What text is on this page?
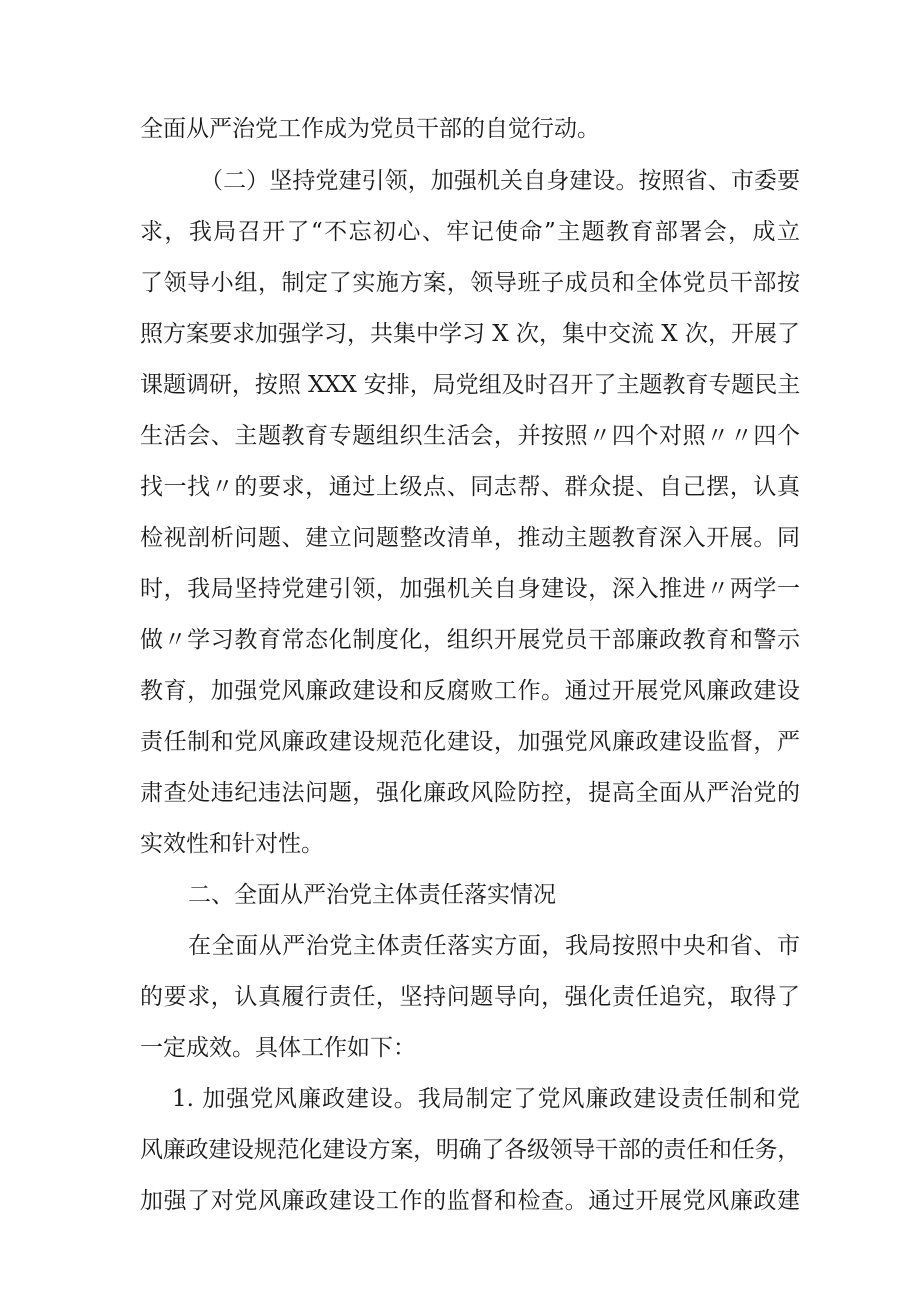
全面从严治党工作成为党员干部的自觉行动。
（二）坚持党建引领，加强机关自身建设。按照省、市委要
求，我局召开了“不忘初心、牢记使命”主题教育部署会，成立
了领导小组，制定了实施方案，领导班子成员和全体党员干部按
照方案要求加强学习，共集中学习 X 次，集中交流 X 次，开展了
课题调研，按照 XXX 安排，局党组及时召开了主题教育专题民主
生活会、主题教育专题组织生活会，并按照〃四个对照〃〃四个
找一找〃的要求，通过上级点、同志帮、群众提、自己摆，认真
检视剖析问题、建立问题整改清单，推动主题教育深入开展。同
时，我局坚持党建引领，加强机关自身建设，深入推进〃两学一
做〃学习教育常态化制度化，组织开展党员干部廉政教育和警示
教育，加强党风廉政建设和反腐败工作。通过开展党风廉政建设
责任制和党风廉政建设规范化建设，加强党风廉政建设监督，严
肃查处违纪违法问题，强化廉政风险防控，提高全面从严治党的
实效性和针对性。
二、全面从严治党主体责任落实情况
在全面从严治党主体责任落实方面，我局按照中央和省、市
的要求，认真履行责任，坚持问题导向，强化责任追究，取得了
一定成效。具体工作如下：
1. 加强党风廉政建设。我局制定了党风廉政建设责任制和党
风廉政建设规范化建设方案，明确了各级领导干部的责任和任务，
加强了对党风廉政建设工作的监督和检查。通过开展党风廉政建
